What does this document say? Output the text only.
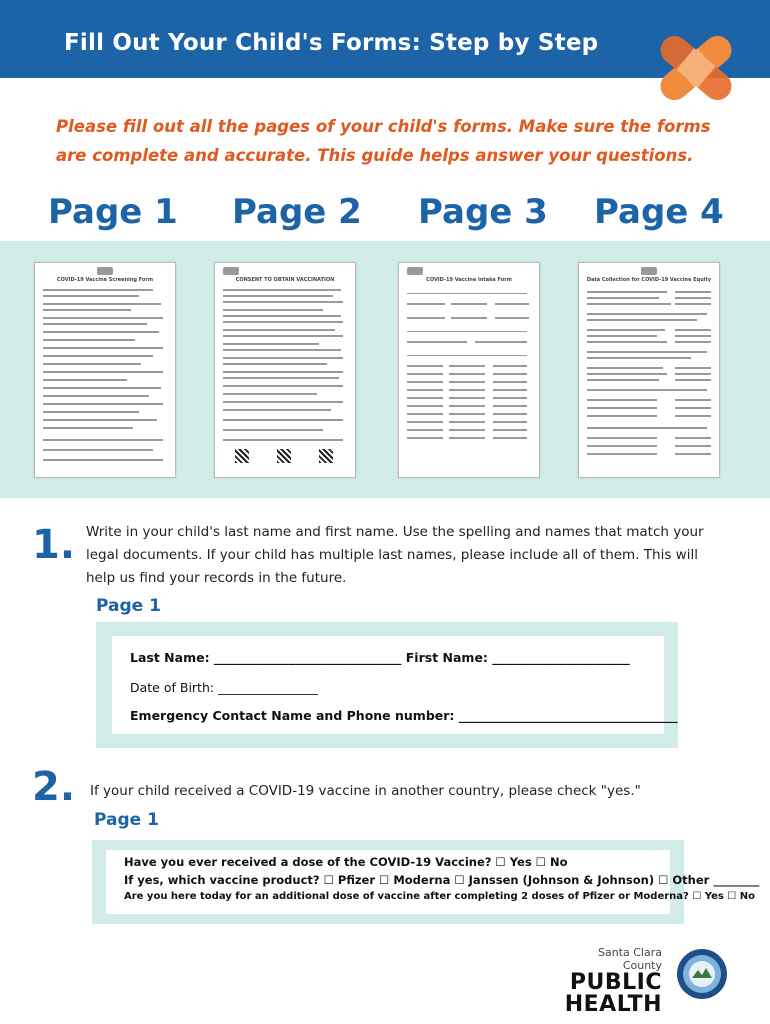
Fill Out Your Child's Forms: Step by Step

Please fill out all the pages of your child's forms. Make sure the forms are complete and accurate. This guide helps answer your questions.

Page 1 Page 2 Page 3 Page 4

COVID-19 Vaccine Screening Form	CONSENT TO OBTAIN VACCINATION	COVID-19 Vaccine Intake Form	Data Collection for COVID-19 Vaccine Equity

1. Write in your child's last name and first name. Use the spelling and names that match your legal documents. If your child has multiple last names, please include all of them. This will help us find your records in the future.

Page 1

Last Name: ______________________________ First Name: ______________________

Date of Birth: ________________

Emergency Contact Name and Phone number: ___________________________________

2. If your child received a COVID-19 vaccine in another country, please check "yes."

Page 1

Have you ever received a dose of the COVID-19 Vaccine? ☐ Yes ☐ No

If yes, which vaccine product? ☐ Pfizer ☐ Moderna ☐ Janssen (Johnson & Johnson) ☐ Other ________

Are you here today for an additional dose of vaccine after completing 2 doses of Pfizer or Moderna? ☐ Yes ☐ No

Santa Clara County
PUBLIC
HEALTH
